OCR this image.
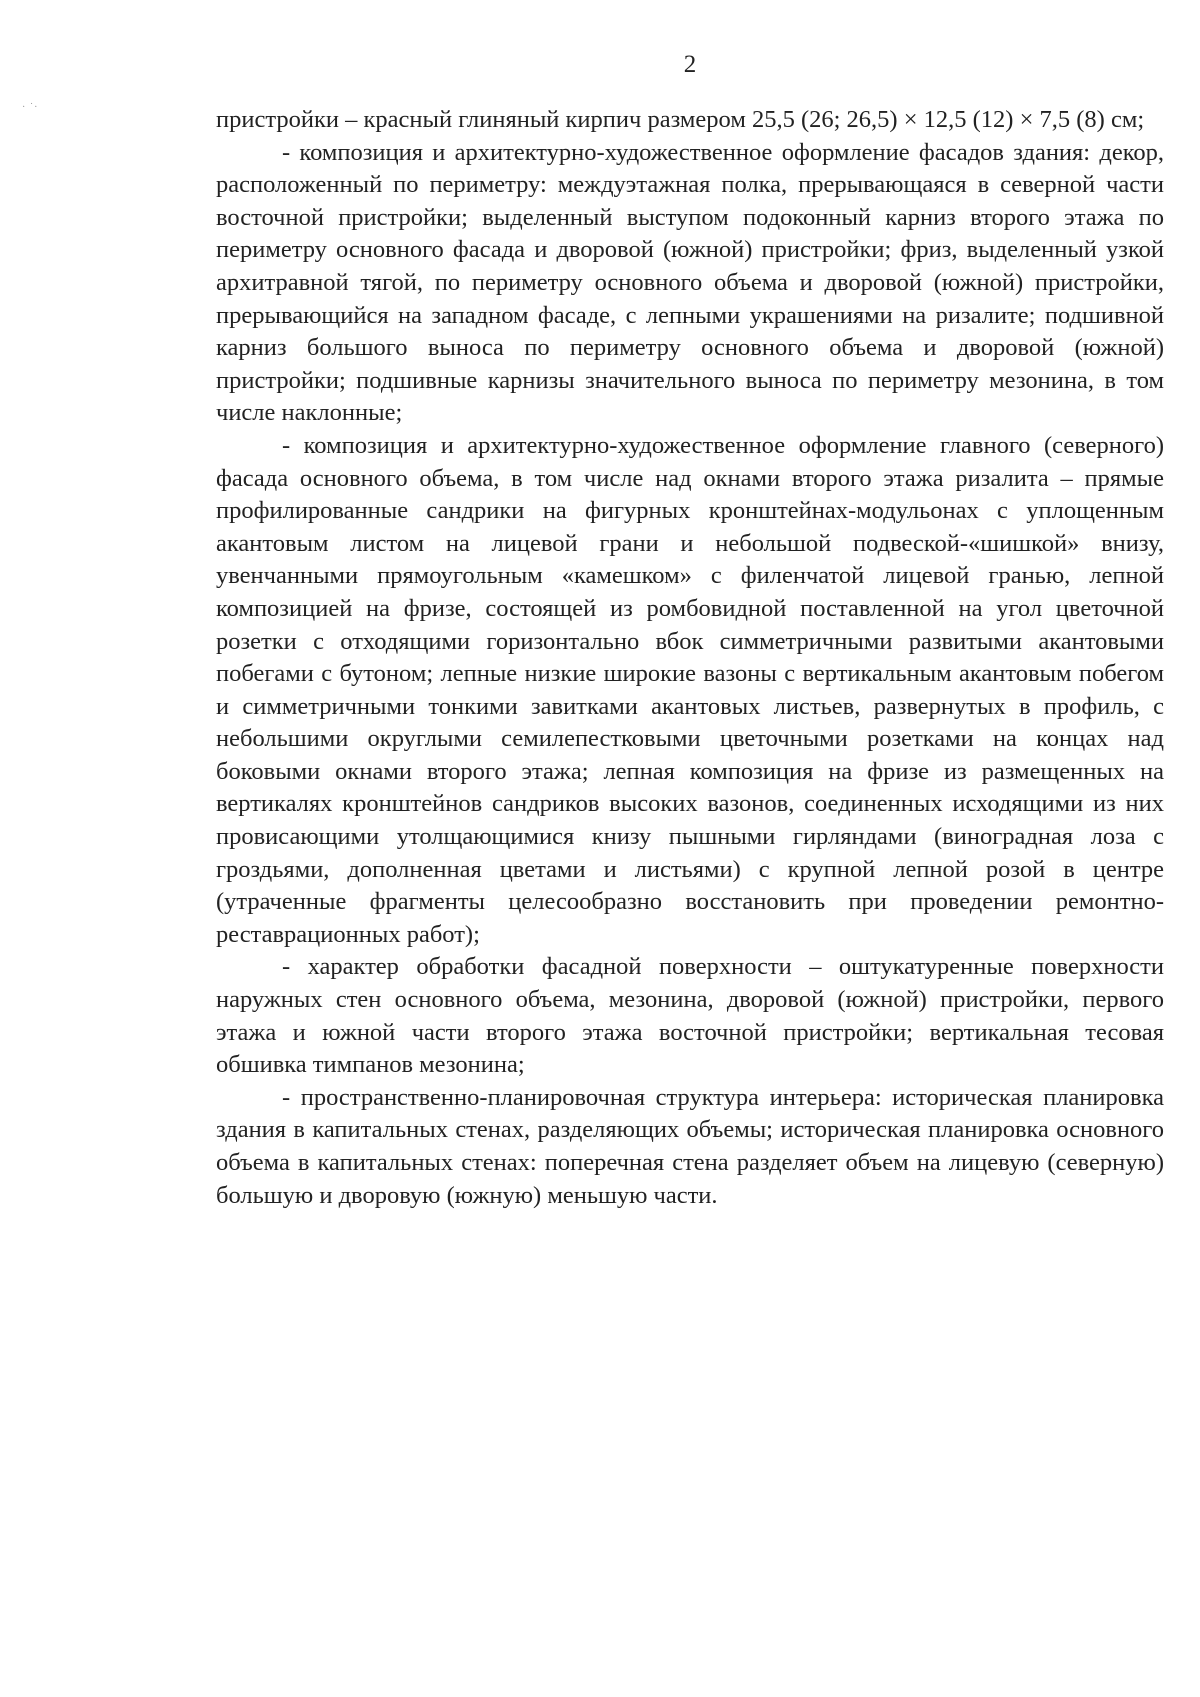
2
· ˙·	пристройки – красный глиняный кирпич размером 25,5 (26; 26,5) × 12,5 (12) × 7,5 (8) см;

- композиция и архитектурно-художественное оформление фасадов здания: декор, расположенный по периметру: междуэтажная полка, прерывающаяся в северной части восточной пристройки; выделенный выступом подоконный карниз второго этажа по периметру основного фасада и дворовой (южной) пристройки; фриз, выделенный узкой архитравной тягой, по периметру основного объема и дворовой (южной) пристройки, прерывающийся на западном фасаде, с лепными украшениями на ризалите; подшивной карниз большого выноса по периметру основного объема и дворовой (южной) пристройки; подшивные карнизы значительного выноса по периметру мезонина, в том числе наклонные;

- композиция и архитектурно-художественное оформление главного (северного) фасада основного объема, в том числе над окнами второго этажа ризалита – прямые профилированные сандрики на фигурных кронштейнах-модульонах с уплощенным акантовым листом на лицевой грани и небольшой подвеской-«шишкой» внизу, увенчанными прямоугольным «камешком» с филенчатой лицевой гранью, лепной композицией на фризе, состоящей из ромбовидной поставленной на угол цветочной розетки с отходящими горизонтально вбок симметричными развитыми акантовыми побегами с бутоном; лепные низкие широкие вазоны с вертикальным акантовым побегом и симметричными тонкими завитками акантовых листьев, развернутых в профиль, с небольшими округлыми семилепестковыми цветочными розетками на концах над боковыми окнами второго этажа; лепная композиция на фризе из размещенных на вертикалях кронштейнов сандриков высоких вазонов, соединенных исходящими из них провисающими утолщающимися книзу пышными гирляндами (виноградная лоза с гроздьями, дополненная цветами и листьями) с крупной лепной розой в центре (утраченные фрагменты целесообразно восстановить при проведении ремонтно-реставрационных работ);

- характер обработки фасадной поверхности – оштукатуренные поверхности наружных стен основного объема, мезонина, дворовой (южной) пристройки, первого этажа и южной части второго этажа восточной пристройки; вертикальная тесовая обшивка тимпанов мезонина;

- пространственно-планировочная структура интерьера: историческая планировка здания в капитальных стенах, разделяющих объемы; историческая планировка основного объема в капитальных стенах: поперечная стена разделяет объем на лицевую (северную) большую и дворовую (южную) меньшую части.
